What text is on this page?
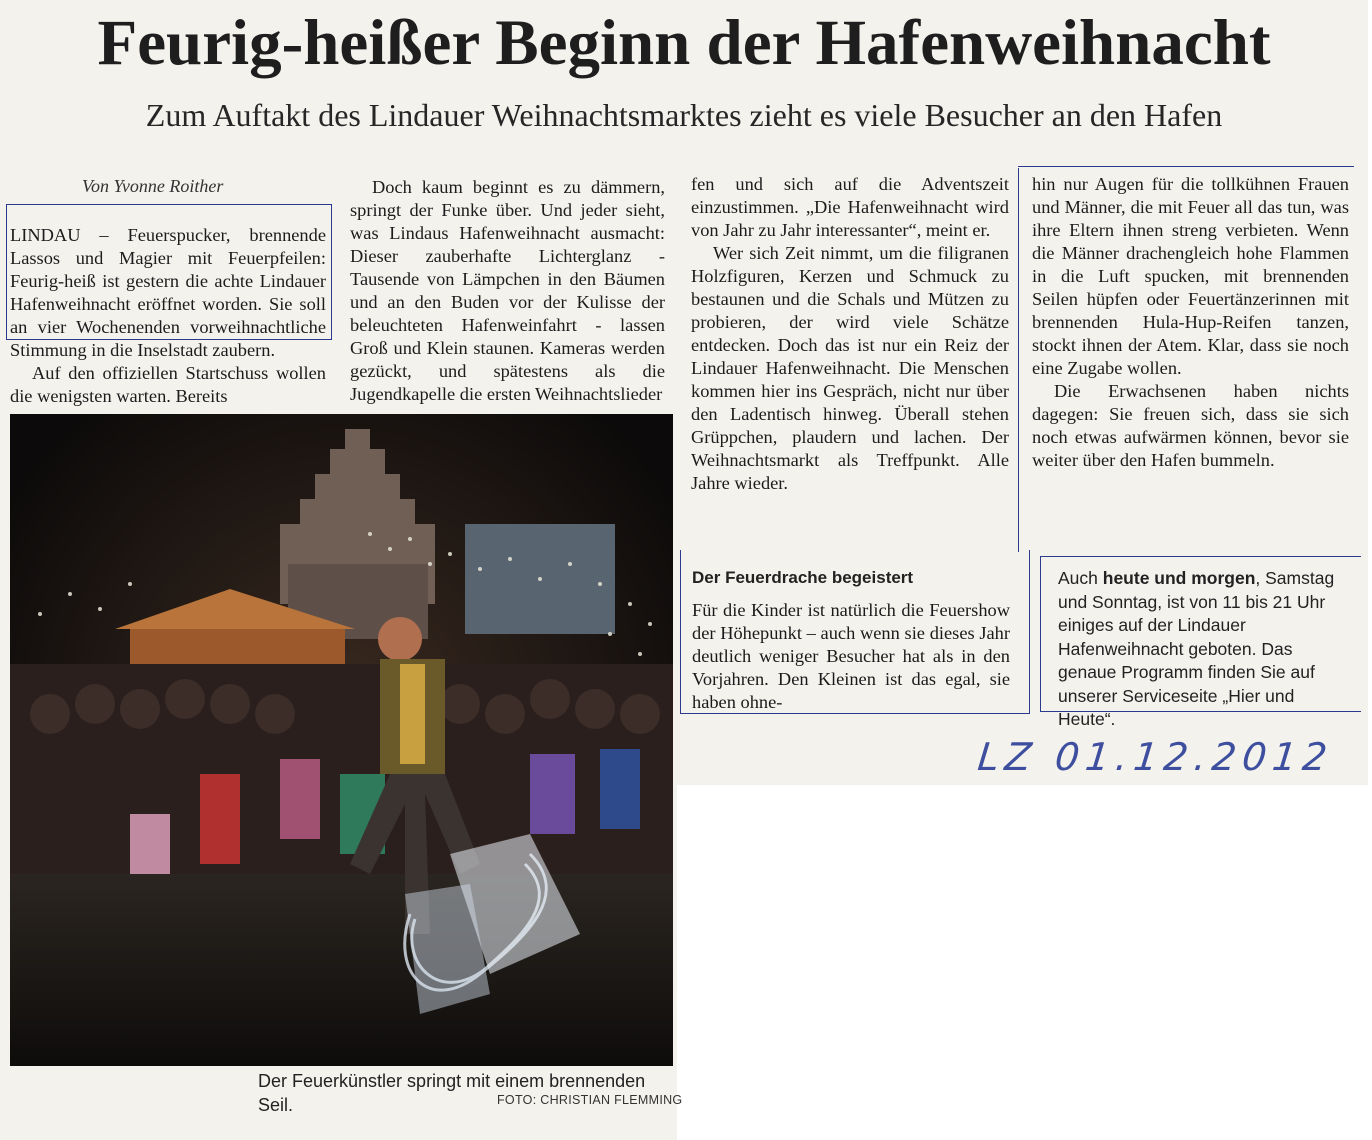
Feurig-heißer Beginn der Hafenweihnacht
Zum Auftakt des Lindauer Weihnachtsmarktes zieht es viele Besucher an den Hafen
Von Yvonne Roither

LINDAU – Feuerspucker, brennende Lassos und Magier mit Feuerpfeilen: Feurig-heiß ist gestern die achte Lindauer Hafenweihnacht eröffnet worden. Sie soll an vier Wochenenden vorweihnachtliche Stimmung in die Inselstadt zaubern.

Auf den offiziellen Startschuss wollen die wenigsten warten. Bereits

Doch kaum beginnt es zu dämmern, springt der Funke über. Und jeder sieht, was Lindaus Hafenweihnacht ausmacht: Dieser zauberhafte Lichterglanz - Tausende von Lämpchen in den Bäumen und an den Buden vor der Kulisse der beleuchteten Hafenweinfahrt - lassen Groß und Klein staunen. Kameras werden gezückt, und spätestens als die Jugendkapelle die ersten Weihnachtslieder

fen und sich auf die Adventszeit einzustimmen. „Die Hafenweihnacht wird von Jahr zu Jahr interessanter“, meint er.

Wer sich Zeit nimmt, um die filigranen Holzfiguren, Kerzen und Schmuck zu bestaunen und die Schals und Mützen zu probieren, der wird viele Schätze entdecken. Doch das ist nur ein Reiz der Lindauer Hafenweihnacht. Die Menschen kommen hier ins Gespräch, nicht nur über den Ladentisch hinweg. Überall stehen Grüppchen, plaudern und lachen. Der Weihnachtsmarkt als Treffpunkt. Alle Jahre wieder.

Der Feuerdrache begeistert

Für die Kinder ist natürlich die Feuershow der Höhepunkt – auch wenn sie dieses Jahr deutlich weniger Besucher hat als in den Vorjahren. Den Kleinen ist das egal, sie haben ohne-

hin nur Augen für die tollkühnen Frauen und Männer, die mit Feuer all das tun, was ihre Eltern ihnen streng verbieten. Wenn die Männer drachengleich hohe Flammen in die Luft spucken, mit brennenden Seilen hüpfen oder Feuertänzerinnen mit brennenden Hula-Hup-Reifen tanzen, stockt ihnen der Atem. Klar, dass sie noch eine Zugabe wollen.

Die Erwachsenen haben nichts dagegen: Sie freuen sich, dass sie sich noch etwas aufwärmen können, bevor sie weiter über den Hafen bummeln.

Auch heute und morgen, Samstag und Sonntag, ist von 11 bis 21 Uhr einiges auf der Lindauer Hafenweihnacht geboten. Das genaue Programm finden Sie auf unserer Serviceseite „Hier und Heute“.
LZ 01.12.2012
Der Feuerkünstler springt mit einem brennenden Seil.	FOTO: CHRISTIAN FLEMMING
